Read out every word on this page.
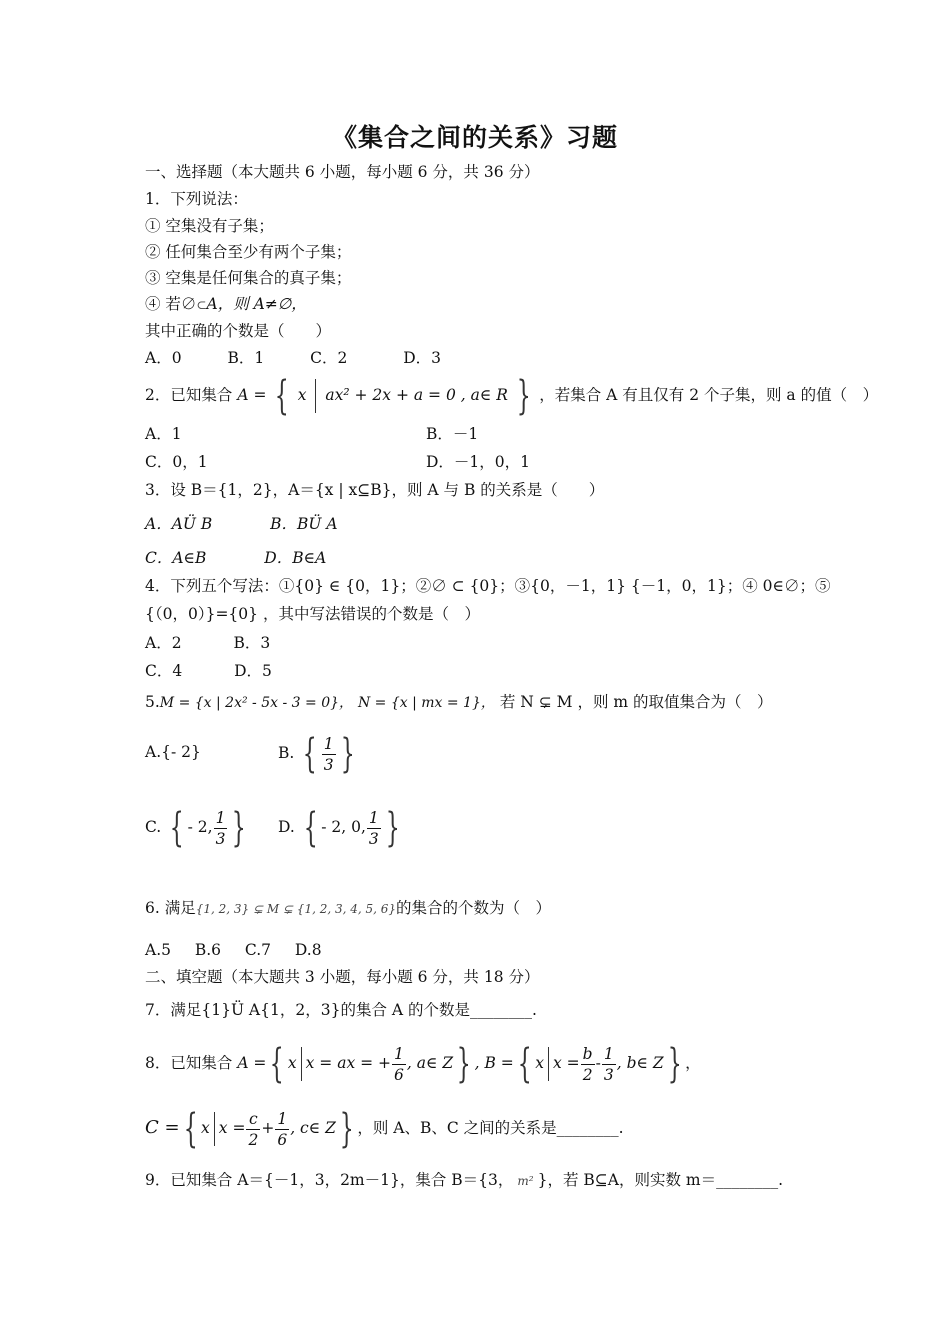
《集合之间的关系》习题
一、选择题（本大题共 6 小题，每小题 6 分，共 36 分）
1．下列说法：
① 空集没有子集；
② 任何集合至少有两个子集；
③ 空集是任何集合的真子集；
④ 若∅⊂A，则 A≠∅，
其中正确的个数是（　　）
A．0	B．1	C．2	D．3
2．已知集合 A = { x ax² + 2x + a = 0 , a∈ R } ，若集合 A 有且仅有 2 个子集，则 a 的值（　）
A．1	B．－1
C．0，1	D．－1，0，1
3．设 B＝{1，2}，A＝{x | x⊆B}，则 A 与 B 的关系是（　　）
A．AÜ B	B．BÜ A
C．A∈B	D．B∈A
4．下列五个写法：①{0} ∈ {0，1}；②∅ ⊂ {0}；③{0，－1，1} {－1，0，1}；④ 0∈∅；⑤
{（0，0）}={0} ，其中写法错误的个数是（　）
A．2	B．3
C．4	D．5
5.M = {x | 2x² - 5x - 3 = 0}， N = {x | mx = 1}， 若 N ⊊ M ，则 m 的取值集合为（　）
A.{- 2}	B. { $\frac{1}{3}$ }
C. { - 2, $\frac{1}{3}$ } D. { - 2, 0, $\frac{1}{3}$ }
6. 满足{1, 2, 3} ⊊ M ⊊ {1, 2, 3, 4, 5, 6}的集合的个数为（　）
A.5 B.6 C.7 D.8
二、填空题（本大题共 3 小题，每小题 6 分，共 18 分）
7．满足{1}Ü A{1，2，3}的集合 A 的个数是________.
8．已知集合 A ={ x x = ax = + $\frac{1}{6}$ , a∈ Z} , B ={ x $x = \frac{b}{2} - \frac{1}{3}$ , b∈ Z} ，
C ={ x $x = \frac{c}{2} + \frac{1}{6}$ , c∈ Z} ，则 A、B、C 之间的关系是________.
9．已知集合 A＝{－1，3，2m－1}，集合 B＝{3， m² }，若 B⊆A，则实数 m＝________.
